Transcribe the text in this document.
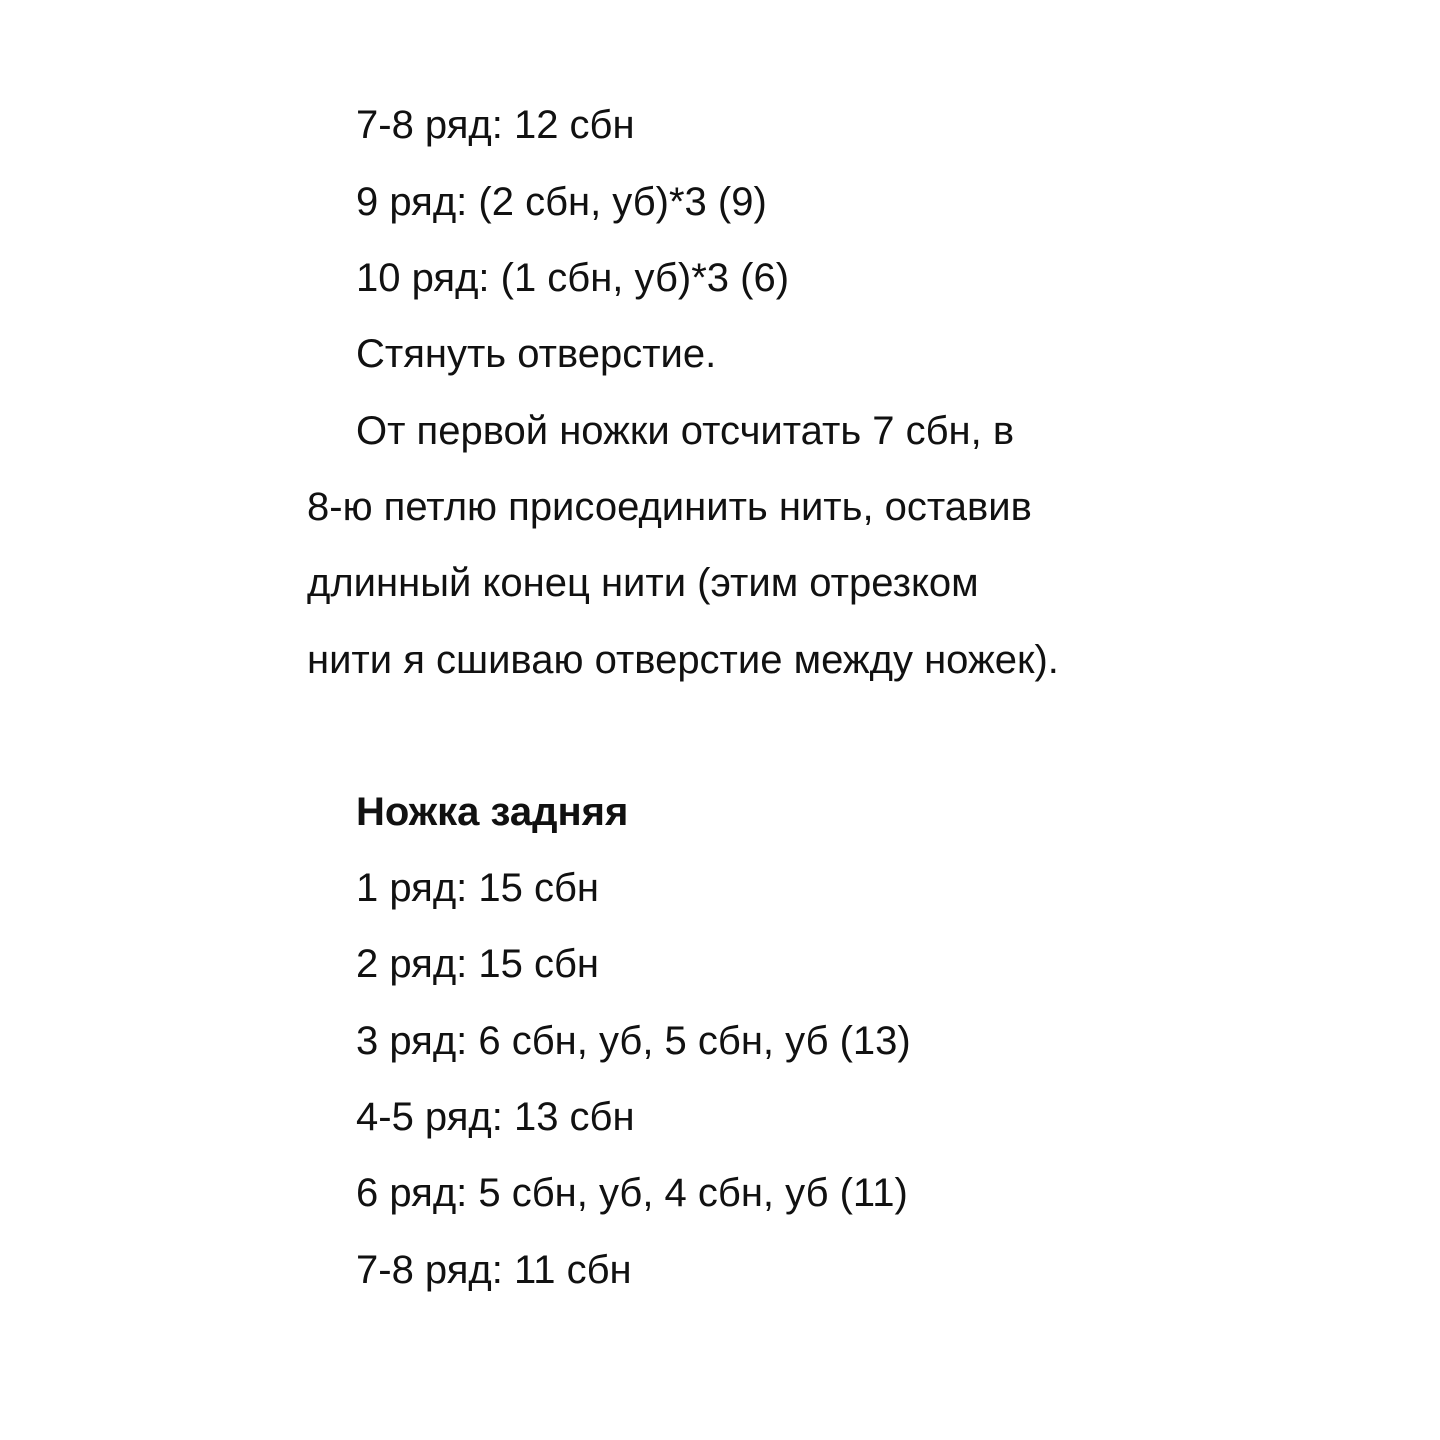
7-8 ряд: 12 сбн
9 ряд: (2 сбн, уб)*3 (9)
10 ряд: (1 сбн, уб)*3 (6)
Стянуть отверстие.
От первой ножки отсчитать 7 сбн, в
8-ю петлю присоединить нить, оставив
длинный конец нити (этим отрезком
нити я сшиваю отверстие между ножек).
Ножка задняя
1 ряд: 15 сбн
2 ряд: 15 сбн
3 ряд: 6 сбн, уб, 5 сбн, уб (13)
4-5 ряд: 13 сбн
6 ряд: 5 сбн, уб, 4 сбн, уб (11)
7-8 ряд: 11 сбн
